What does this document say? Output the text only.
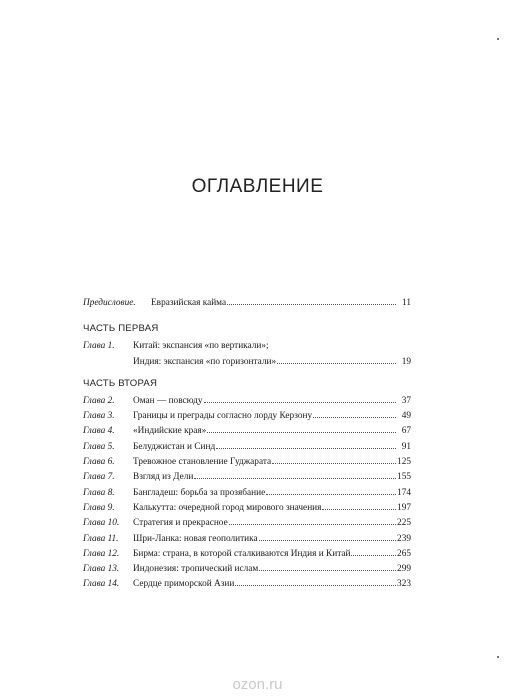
ОГЛАВЛЕНИЕ
Предисловие.	Евразийская кайма	11
ЧАСТЬ ПЕРВАЯ
Глава 1.	Китай: экспансия «по вертикали»;
Индия: экспансия «по горизонтали»	19
ЧАСТЬ ВТОРАЯ
Глава 2.	Оман — повсюду	37
Глава 3.	Границы и преграды согласно лорду Керзону	49
Глава 4.	«Индийские края»	67
Глава 5.	Белуджистан и Синд	91
Глава 6.	Тревожное становление Гуджарата	125
Глава 7.	Взгляд из Дели	155
Глава 8.	Бангладеш: борьба за прозябание	174
Глава 9.	Калькутта: очередной город мирового значения	197
Глава 10.	Стратегия и прекрасное	225
Глава 11.	Шри-Ланка: новая геополитика	239
Глава 12.	Бирма: страна, в которой сталкиваются Индия и Китай	265
Глава 13.	Индонезия: тропический ислам	299
Глава 14.	Сердце приморской Азии	323
ozon.ru
